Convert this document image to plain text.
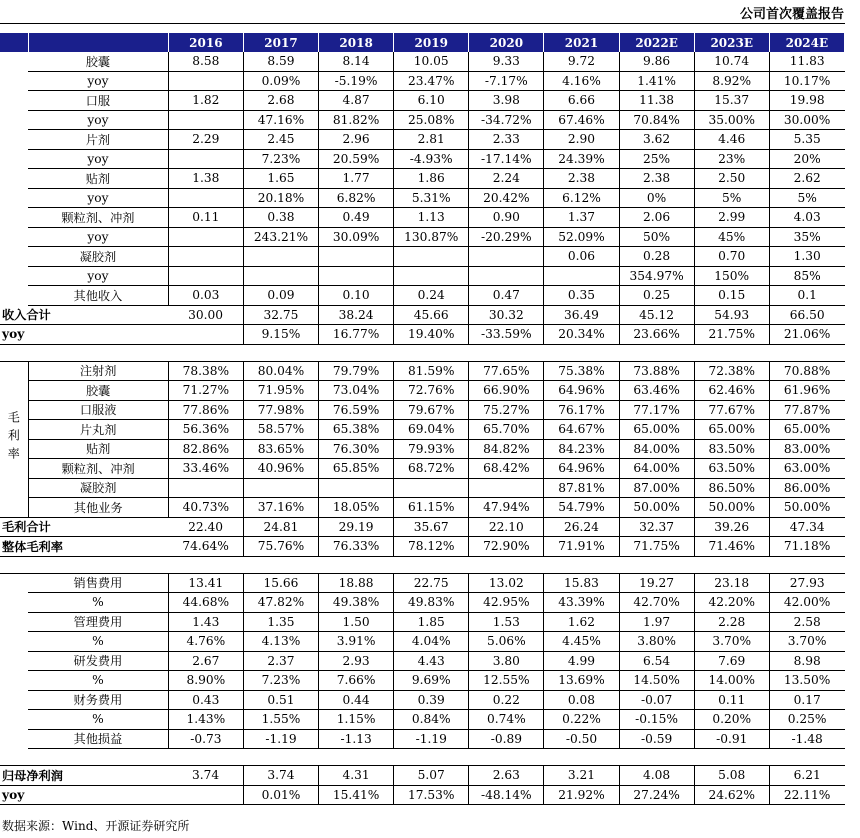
公司首次覆盖报告
		2016	2017	2018	2019	2020	2021	2022E	2023E	2024E
	胶囊	8.58	8.59	8.14	10.05	9.33	9.72	9.86	10.74	11.83
	yoy		0.09%	-5.19%	23.47%	-7.17%	4.16%	1.41%	8.92%	10.17%
	口服	1.82	2.68	4.87	6.10	3.98	6.66	11.38	15.37	19.98
	yoy		47.16%	81.82%	25.08%	-34.72%	67.46%	70.84%	35.00%	30.00%
	片剂	2.29	2.45	2.96	2.81	2.33	2.90	3.62	4.46	5.35
	yoy		7.23%	20.59%	-4.93%	-17.14%	24.39%	25%	23%	20%
	贴剂	1.38	1.65	1.77	1.86	2.24	2.38	2.38	2.50	2.62
	yoy		20.18%	6.82%	5.31%	20.42%	6.12%	0%	5%	5%
	颗粒剂、冲剂	0.11	0.38	0.49	1.13	0.90	1.37	2.06	2.99	4.03
	yoy		243.21%	30.09%	130.87%	-20.29%	52.09%	50%	45%	35%
	凝胶剂						0.06	0.28	0.70	1.30
	yoy							354.97%	150%	85%
	其他收入	0.03	0.09	0.10	0.24	0.47	0.35	0.25	0.15	0.1
收入合计		30.00	32.75	38.24	45.66	30.32	36.49	45.12	54.93	66.50
yoy			9.15%	16.77%	19.40%	-33.59%	20.34%	23.66%	21.75%	21.06%

毛利率	注射剂	78.38%	80.04%	79.79%	81.59%	77.65%	75.38%	73.88%	72.38%	70.88%
	胶囊	71.27%	71.95%	73.04%	72.76%	66.90%	64.96%	63.46%	62.46%	61.96%
	口服液	77.86%	77.98%	76.59%	79.67%	75.27%	76.17%	77.17%	77.67%	77.87%
	片丸剂	56.36%	58.57%	65.38%	69.04%	65.70%	64.67%	65.00%	65.00%	65.00%
	贴剂	82.86%	83.65%	76.30%	79.93%	84.82%	84.23%	84.00%	83.50%	83.00%
	颗粒剂、冲剂	33.46%	40.96%	65.85%	68.72%	68.42%	64.96%	64.00%	63.50%	63.00%
	凝胶剂						87.81%	87.00%	86.50%	86.00%
	其他业务	40.73%	37.16%	18.05%	61.15%	47.94%	54.79%	50.00%	50.00%	50.00%
毛利合计		22.40	24.81	29.19	35.67	22.10	26.24	32.37	39.26	47.34
整体毛利率		74.64%	75.76%	76.33%	78.12%	72.90%	71.91%	71.75%	71.46%	71.18%

	销售费用	13.41	15.66	18.88	22.75	13.02	15.83	19.27	23.18	27.93
	%	44.68%	47.82%	49.38%	49.83%	42.95%	43.39%	42.70%	42.20%	42.00%
	管理费用	1.43	1.35	1.50	1.85	1.53	1.62	1.97	2.28	2.58
	%	4.76%	4.13%	3.91%	4.04%	5.06%	4.45%	3.80%	3.70%	3.70%
	研发费用	2.67	2.37	2.93	4.43	3.80	4.99	6.54	7.69	8.98
	%	8.90%	7.23%	7.66%	9.69%	12.55%	13.69%	14.50%	14.00%	13.50%
	财务费用	0.43	0.51	0.44	0.39	0.22	0.08	-0.07	0.11	0.17
	%	1.43%	1.55%	1.15%	0.84%	0.74%	0.22%	-0.15%	0.20%	0.25%
	其他损益	-0.73	-1.19	-1.13	-1.19	-0.89	-0.50	-0.59	-0.91	-1.48

归母净利润		3.74	3.74	4.31	5.07	2.63	3.21	4.08	5.08	6.21
yoy			0.01%	15.41%	17.53%	-48.14%	21.92%	27.24%	24.62%	22.11%
数据来源：Wind、开源证券研究所
